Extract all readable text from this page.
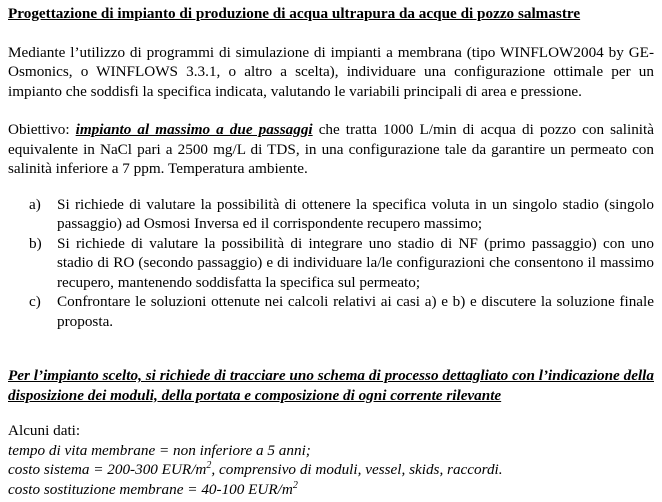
Progettazione di impianto di produzione di acqua ultrapura da acque di pozzo salmastre

Mediante l’utilizzo di programmi di simulazione di impianti a membrana (tipo WINFLOW2004 by GE-Osmonics, o WINFLOWS 3.3.1, o altro a scelta), individuare una configurazione ottimale per un impianto che soddisfi la specifica indicata, valutando le variabili principali di area e pressione.

Obiettivo: impianto al massimo a due passaggi che tratta 1000 L/min di acqua di pozzo con salinità equivalente in NaCl pari a 2500 mg/L di TDS, in una configurazione tale da garantire un permeato con salinità inferiore a 7 ppm. Temperatura ambiente.

a)	Si richiede di valutare la possibilità di ottenere la specifica voluta in un singolo stadio (singolo passaggio) ad Osmosi Inversa ed il corrispondente recupero massimo;
b)	Si richiede di valutare la possibilità di integrare uno stadio di NF (primo passaggio) con uno stadio di RO (secondo passaggio) e di individuare la/le configurazioni che consentono il massimo recupero, mantenendo soddisfatta la specifica sul permeato;
c)	Confrontare le soluzioni ottenute nei calcoli relativi ai casi a) e b) e discutere la soluzione finale proposta.

Per l’impianto scelto, si richiede di tracciare uno schema di processo dettagliato con l’indicazione della disposizione dei moduli, della portata e composizione di ogni corrente rilevante

Alcuni dati:

tempo di vita membrane = non inferiore a 5 anni;

costo sistema = 200-300 EUR/$m^2$, comprensivo di moduli, vessel, skids, raccordi.

costo sostituzione membrane = 40-100 EUR/$m^2$
